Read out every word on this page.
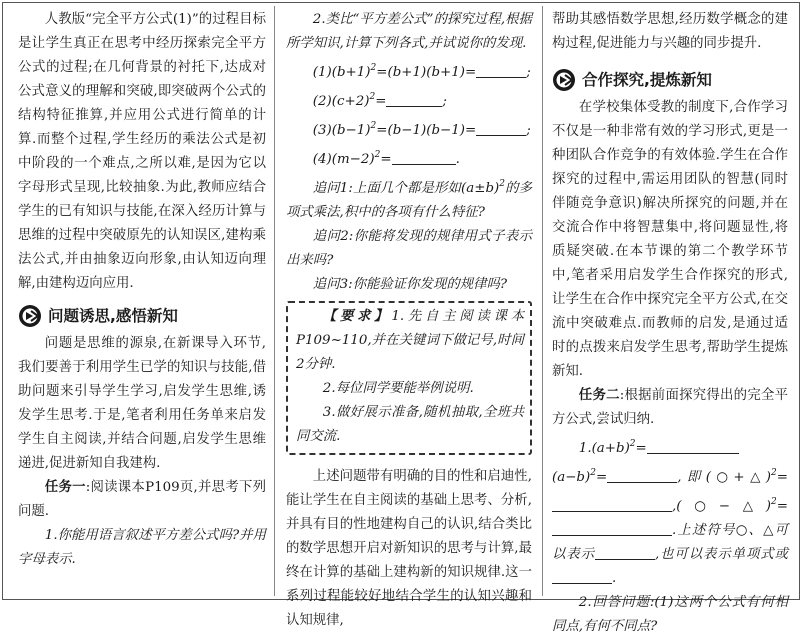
人教版“完全平方公式(1)”的过程目标是让学生真正在思考中经历探索完全平方公式的过程;在几何背景的衬托下,达成对公式意义的理解和突破,即突破两个公式的结构特征推算,并应用公式进行简单的计算.而整个过程,学生经历的乘法公式是初中阶段的一个难点,之所以难,是因为它以字母形式呈现,比较抽象.为此,教师应结合学生的已有知识与技能,在深入经历计算与思维的过程中突破原先的认知误区,建构乘法公式,并由抽象迈向形象,由认知迈向理解,由建构迈向应用.

问题诱思,感悟新知

问题是思维的源泉,在新课导入环节,我们要善于利用学生已学的知识与技能,借助问题来引导学生学习,启发学生思维,诱发学生思考.于是,笔者利用任务单来启发学生自主阅读,并结合问题,启发学生思维递进,促进新知自我建构.

任务一:阅读课本P109页,并思考下列问题.

1.你能用语言叙述平方差公式吗?并用字母表示.

2.类比“平方差公式”的探究过程,根据所学知识,计算下列各式,并试说你的发现.

$(1)(b+1)^2=(b+1)(b+1)=$	;

$(2)(c+2)^2=$	;

$(3)(b-1)^2=(b-1)(b-1)=$	;

$(4)(m-2)^2=$	.

追问1:上面几个都是形如$(a\pm b)^2$的多项式乘法,积中的各项有什么特征?

追问2:你能将发现的规律用式子表示出来吗?

追问3:你能验证你发现的规律吗?

【要求】1.先自主阅读课本P109~110,并在关键词下做记号,时间2分钟.

2.每位同学要能举例说明.

3.做好展示准备,随机抽取,全班共同交流.

上述问题带有明确的目的性和启迪性,能让学生在自主阅读的基础上思考、分析,并具有目的性地建构自己的认识,结合类比的数学思想开启对新知识的思考与计算,最终在计算的基础上建构新的知识规律.这一系列过程能较好地结合学生的认知兴趣和认知规律,

帮助其感悟数学思想,经历数学概念的建构过程,促进能力与兴趣的同步提升.

合作探究,提炼新知

在学校集体受教的制度下,合作学习不仅是一种非常有效的学习形式,更是一种团队合作竞争的有效体验.学生在合作探究的过程中,需运用团队的智慧(同时伴随竞争意识)解决所探究的问题,并在交流合作中将智慧集中,将问题显性,将质疑突破.在本节课的第二个教学环节中,笔者采用启发学生合作探究的形式,让学生在合作中探究完全平方公式,在交流中突破难点.而教师的启发,是通过适时的点拨来启发学生思考,帮助学生提炼新知.

任务二:根据前面探究得出的完全平方公式,尝试归纳.

$1.(a+b)^2=(a-b)^2=$	,即(○+△)$^2$=,(○−△)$^2$=.上述符号○、△可以表示	,也可以表示单项式或.

2.回答问题:(1)这两个公式有何相同点,有何不同点?
